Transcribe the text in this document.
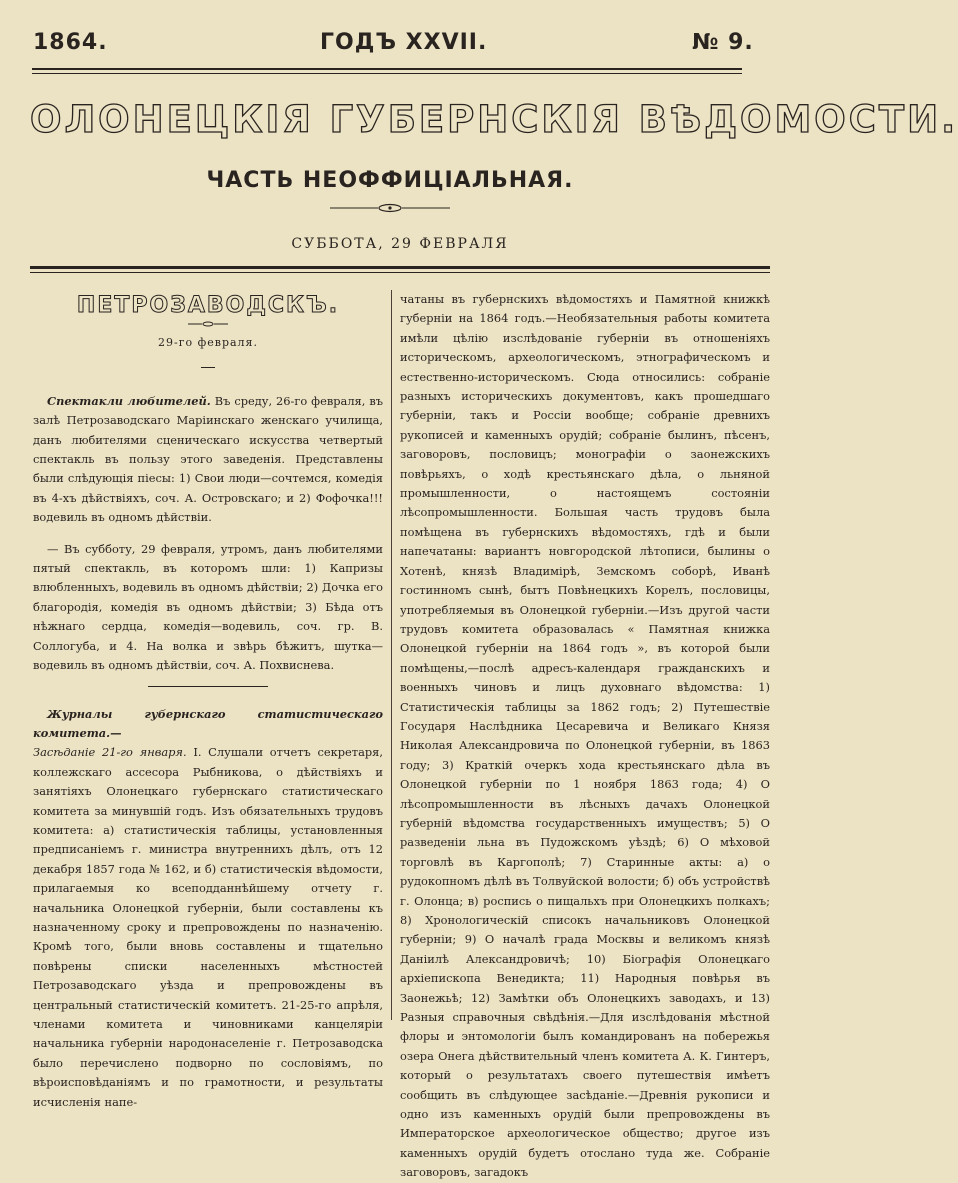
1864.	ГОДЪ XXVII.	№ 9.
ОЛОНЕЦКІЯ ГУБЕРНСКІЯ ВѢДОМОСТИ.
ЧАСТЬ НЕОФФИЦІАЛЬНАЯ.
СУББОТА, 29 ФЕВРАЛЯ
ПЕТРОЗАВОДСКЪ.
29-го февраля.

Спектакли любителей. Въ среду, 26-го февраля, въ залѣ Петрозаводскаго Маріинскаго женскаго училища, данъ любителями сценическаго искусства четвертый спектакль въ пользу этого заведенія. Представлены были слѣдующія пiесы: 1) Свои люди—сочтемся, комедія въ 4-хъ дѣйствіяхъ, соч. А. Островскаго; и 2) Фофочка!!! водевиль въ одномъ дѣйствіи.

— Въ субботу, 29 февраля, утромъ, данъ любителями пятый спектакль, въ которомъ шли: 1) Капризы влюбленныхъ, водевиль въ одномъ дѣйствіи; 2) Дочка его благородія, комедія въ одномъ дѣйствіи; 3) Бѣда отъ нѣжнаго сердца, комедія—водевиль, соч. гр. В. Соллогуба, и 4. На волка и звѣрь бѣжитъ, шутка—водевиль въ одномъ дѣйствіи, соч. А. Похвиснева.

Журналы губернскаго статистическаго комитета.—
Засѣданіе 21-го января. I. Слушали отчетъ секретаря, коллежскаго ассесора Рыбникова, о дѣйствіяхъ и занятіяхъ Олонецкаго губернскаго статистическаго комитета за минувшій годъ. Изъ обязательныхъ трудовъ комитета: а) статистическія таблицы, установленныя предписаніемъ г. министра внутреннихъ дѣлъ, отъ 12 декабря 1857 года № 162, и б) статистическія вѣдомости, прилагаемыя ко всеподданнѣйшему отчету г. начальника Олонецкой губерніи, были составлены къ назначенному сроку и препровождены по назначенію. Кромѣ того, были вновь составлены и тщательно повѣрены списки населенныхъ мѣстностей Петрозаводскаго уѣзда и препровождены въ центральный статистическій комитетъ. 21-25-го апрѣля, членами комитета и чиновниками канцеляріи начальника губерніи народонаселеніе г. Петрозаводска было перечислено подворно по сословіямъ, по вѣроисповѣданіямъ и по грамотности, и результаты исчисленія напе-

чатаны въ губернскихъ вѣдомостяхъ и Памятной книжкѣ губерніи на 1864 годъ.—Необязательныя работы комитета имѣли цѣлію изслѣдованіе губерніи въ отношеніяхъ историческомъ, археологическомъ, этнографическомъ и естественно-историческомъ. Сюда относились: собраніе разныхъ историческихъ документовъ, какъ прошедшаго губерніи, такъ и Россіи вообще; собраніе древнихъ рукописей и каменныхъ орудій; собраніе былинъ, пѣсенъ, заговоровъ, пословицъ; монографіи о заонежскихъ повѣрьяхъ, о ходѣ крестьянскаго дѣла, о льняной промышленности, о настоящемъ состояніи лѣсопромышленности. Большая часть трудовъ была помѣщена въ губернскихъ вѣдомостяхъ, гдѣ и были напечатаны: вариантъ новгородской лѣтописи, былины о Хотенѣ, князѣ Владимірѣ, Земскомъ соборѣ, Иванѣ гостинномъ сынѣ, бытъ Повѣнецкихъ Корелъ, пословицы, употребляемыя въ Олонецкой губерніи.—Изъ другой части трудовъ комитета образовалась « Памятная книжка Олонецкой губерніи на 1864 годъ », въ которой были помѣщены,—послѣ адресъ-календаря гражданскихъ и военныхъ чиновъ и лицъ духовнаго вѣдомства: 1) Статистическія таблицы за 1862 годъ; 2) Путешествіе Государя Наслѣдника Цесаревича и Великаго Князя Николая Александровича по Олонецкой губерніи, въ 1863 году; 3) Краткій очеркъ хода крестьянскаго дѣла въ Олонецкой губерніи по 1 ноября 1863 года; 4) О лѣсопромышленности въ лѣсныхъ дачахъ Олонецкой губерній вѣдомства государственныхъ имуществъ; 5) О разведеніи льна въ Пудожскомъ уѣздѣ; 6) О мѣховой торговлѣ въ Каргополѣ; 7) Старинные акты: а) о рудокопномъ дѣлѣ въ Толвуйской волости; б) объ устройствѣ г. Олонца; в) роспись о пищальхъ при Олонецкихъ полкахъ; 8) Хронологическій списокъ начальниковъ Олонецкой губерніи; 9) О началѣ града Москвы и великомъ князѣ Даніилѣ Александровичѣ; 10) Біографія Олонецкаго архіепископа Венедикта; 11) Народныя повѣрья въ Заонежьѣ; 12) Замѣтки объ Олонецкихъ заводахъ, и 13) Разныя справочныя свѣдѣнія.—Для изслѣдованія мѣстной флоры и энтомологіи былъ командированъ на побережья озера Онега дѣйствительный членъ комитета А. К. Гинтеръ, который о результатахъ своего путешествія имѣетъ сообщить въ слѣдующее засѣданіе.—Древнія рукописи и одно изъ каменныхъ орудій были препровождены въ Императорское археологическое общество; другое изъ каменныхъ орудій будетъ отослано туда же. Собраніе заговоровъ, загадокъ
